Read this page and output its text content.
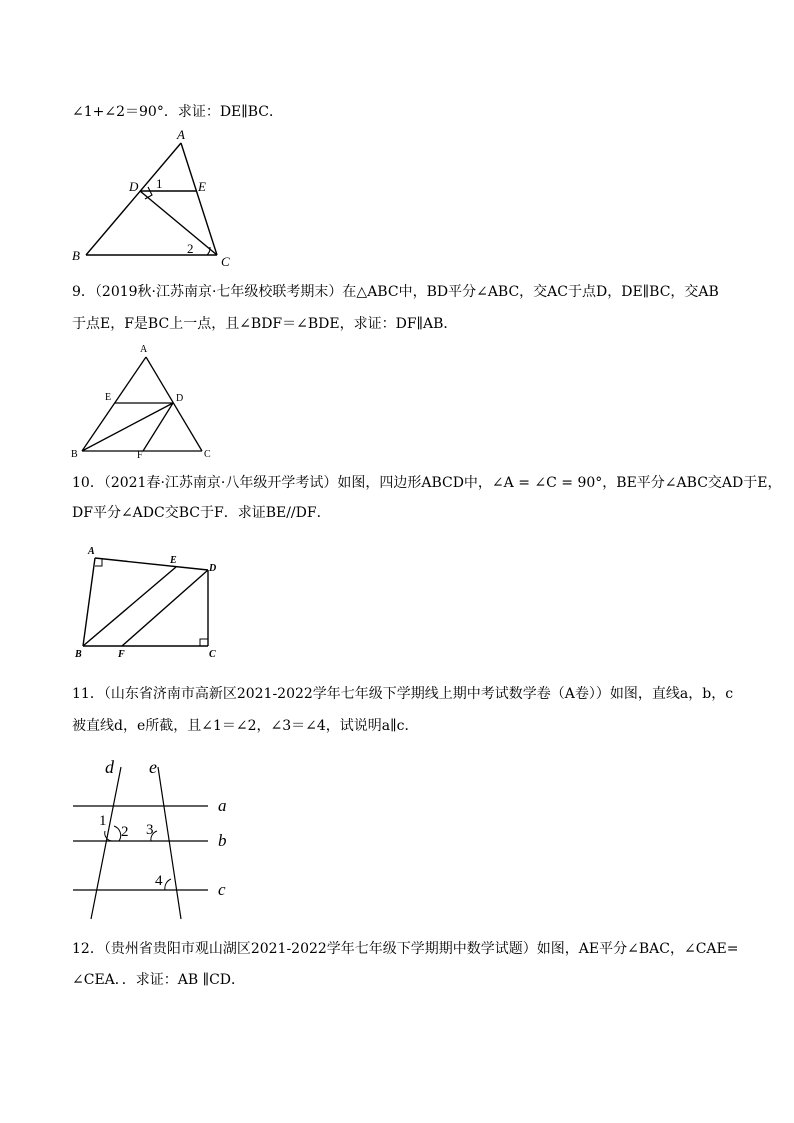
∠1+∠2＝90°．求证：DE∥BC．
A
D	E
B	C
1
2
9．（2019秋·江苏南京·七年级校联考期末）在△ABC中，BD平分∠ABC，交AC于点D，DE∥BC，交AB
于点E，F是BC上一点，且∠BDF＝∠BDE，求证：DF∥AB．
A
E	D
B	F	C
10．（2021春·江苏南京·八年级开学考试）如图，四边形ABCD中，∠A = ∠C = 90°，BE平分∠ABC交AD于E，
DF平分∠ADC交BC于F．求证BE//DF．
A
E
D
B	F	C
11．（山东省济南市高新区2021-2022学年七年级下学期线上期中考试数学卷（A卷））如图，直线a，b，c
被直线d，e所截，且∠1＝∠2，∠3＝∠4，试说明a∥c．
d e
a
b
c
1
2 3
4
12．（贵州省贵阳市观山湖区2021-2022学年七年级下学期期中数学试题）如图，AE平分∠BAC，∠CAE=
∠CEA．．求证：AB ∥CD．
